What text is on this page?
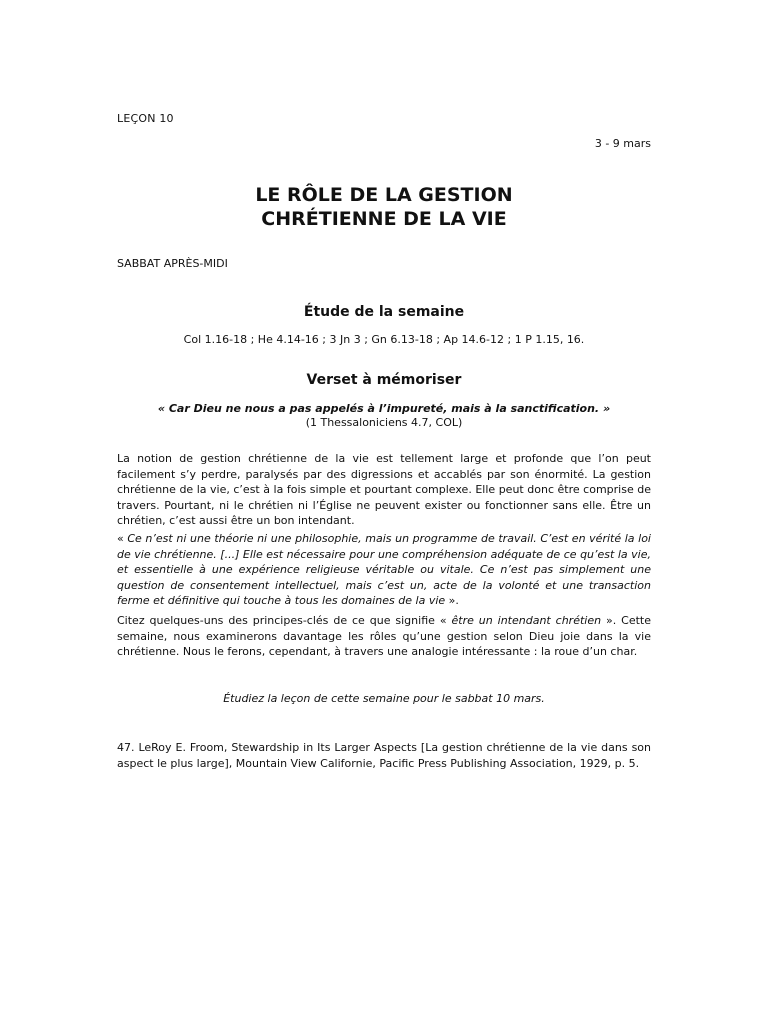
LEÇON 10
3 - 9 mars
LE RÔLE DE LA GESTION
CHRÉTIENNE DE LA VIE
SABBAT APRÈS-MIDI
Étude de la semaine
Col 1.16-18 ; He 4.14-16 ; 3 Jn 3 ; Gn 6.13-18 ; Ap 14.6-12 ; 1 P 1.15, 16.
Verset à mémoriser
« Car Dieu ne nous a pas appelés à l’impureté, mais à la sanctification. »
(1 Thessaloniciens 4.7, COL)

La notion de gestion chrétienne de la vie est tellement large et profonde que l’on peut facilement s’y perdre, paralysés par des digressions et accablés par son énormité. La gestion chrétienne de la vie, c’est à la fois simple et pourtant complexe. Elle peut donc être comprise de travers. Pourtant, ni le chrétien ni l’Église ne peuvent exister ou fonctionner sans elle. Être un chrétien, c’est aussi être un bon intendant.

« Ce n’est ni une théorie ni une philosophie, mais un programme de travail. C’est en vérité la loi de vie chrétienne. [...] Elle est nécessaire pour une compréhension adéquate de ce qu’est la vie, et essentielle à une expérience religieuse véritable ou vitale. Ce n’est pas simplement une question de consentement intellectuel, mais c’est un, acte de la volonté et une transaction ferme et définitive qui touche à tous les domaines de la vie ».

Citez quelques-uns des principes-clés de ce que signifie « être un intendant chrétien ». Cette semaine, nous examinerons davantage les rôles qu’une gestion selon Dieu joie dans la vie chrétienne. Nous le ferons, cependant, à travers une analogie intéressante : la roue d’un char.

Étudiez la leçon de cette semaine pour le sabbat 10 mars.

47. LeRoy E. Froom, Stewardship in Its Larger Aspects [La gestion chrétienne de la vie dans son aspect le plus large], Mountain View Californie, Pacific Press Publishing Association, 1929, p. 5.
